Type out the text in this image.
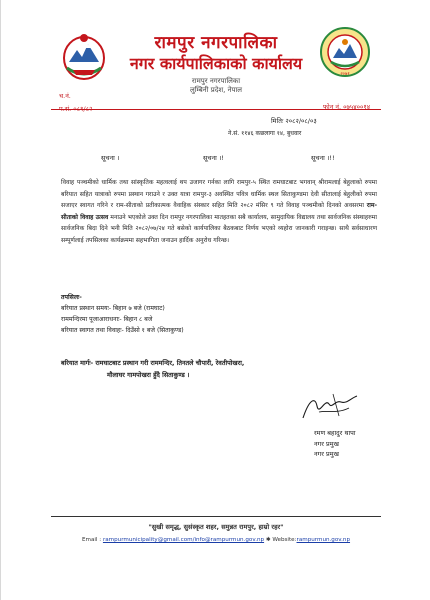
२०७१
रामपुर नगरपालिका
नगर कार्यपालिकाको कार्यालय
रामपुर नगरपालिका
लुम्बिनी प्रदेश, नेपाल
च.नं.
प.सं. ०८१/८२	फोन नं. ०७५४००१४
मितिः २०८२/०८/०३
ने.सं. ११४६ कछलागा १४, बुधवार
सूचना ।	सूचना ।!	सूचना ।!!
विवाह पञ्चमीको धार्मिक तथा सांस्कृतिक महत्वलाई थप उजागर गर्नका लागि रामपुर-५ स्थित रामघाटबाट भगवान् श्रीरामलाई बेहुलाको रुपमा बरियात सहित यात्राको रुपमा प्रस्थान गराउने र उक्त यात्रा रामपुर-३ अवस्थित पवित्र धार्मिक स्थल सिताकुण्डमा देवी सीतालाई बेहुलीको रुपमा सजाएर स्वागत गरिने र राम-सीताको प्रतीकात्मक वैवाहिक संस्कार सहित मिति २०८२ मंसिर ९ गते विवाह पञ्चमीको दिनको अवसरमा राम-सीताको विवाह उत्सव मनाउने भएकोले उक्त दिन रामपुर नगरपालिका मातहतका सबै कार्यालय, सामुदायिक विद्यालय तथा सार्वजनिक संस्थाहरुमा सार्वजनिक बिदा दिने भनी मिति २०८२/०७/२४ गते बसेको कार्यपालिका बैठकबाट निर्णय भएको व्यहोरा जानकारी गराइन्छ। साथै सर्वसाधारण सम्पूर्णलाई तपसिलका कार्यक्रममा सहभागिता जनाउन हार्दिक अनुरोध गरिन्छ।
तपसिलः-
बरियात प्रस्थान समयः- बिहान ७ बजे (रामघाट)
राममन्दिरमा पूजाआराधनाः- बिहान ८ बजे
बरियात स्वागत तथा विवाहः- दिउँसो १ बजे (सिताकुण्ड)
बरियात मार्गः- रामघाटबाट प्रस्थान गरी राममन्दिर, तिनतले चौपारी, रेवतीपोखरा,
मौलाघर गामपोखरा हुँदै सिताकुण्ड ।
रमण बहादुर थापा
नगर प्रमुख
नगर प्रमुख
"सुखी समृद्ध, सुसंस्कृत शहर, समुन्नत रामपुर, हाम्रो रहर"
Email : rampurmunicipality@gmail.com/info@rampurmun.gov.np ✱ Website:rampurmun.gov.np
